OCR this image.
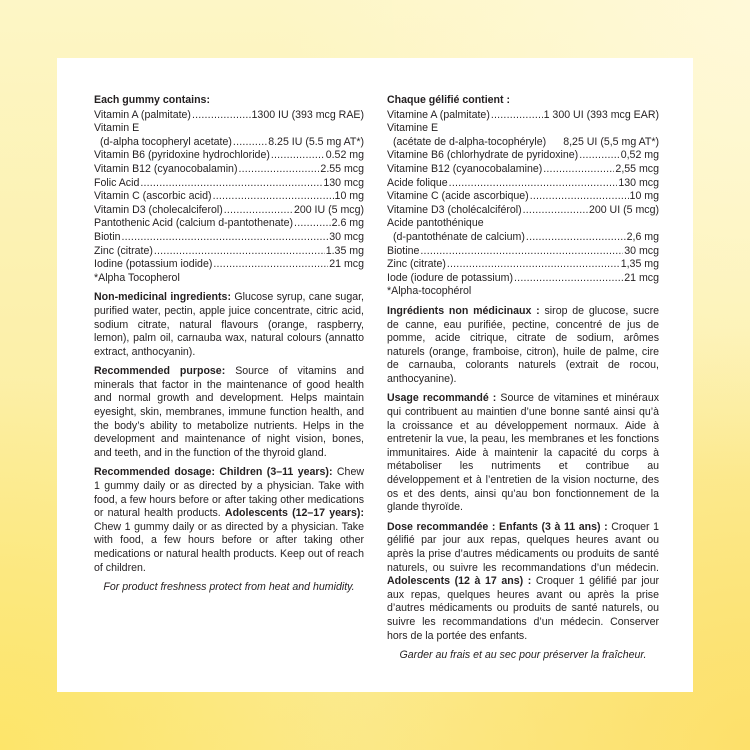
Each gummy contains:
Vitamin A (palmitate) .....	1300 IU (393 mcg RAE)
Vitamin E
(d-alpha tocopheryl acetate) .....	8.25 IU (5.5 mg AT*)
Vitamin B6 (pyridoxine hydrochloride) .....	0.52 mg
Vitamin B12 (cyanocobalamin) .....	2.55 mcg
Folic Acid .....	130 mcg
Vitamin C (ascorbic acid) .....	10 mg
Vitamin D3 (cholecalciferol) .....	200 IU (5 mcg)
Pantothenic Acid (calcium d-pantothenate) .....	2.6 mg
Biotin .....	30 mcg
Zinc (citrate) .....	1.35 mg
Iodine (potassium iodide) .....	21 mcg
*Alpha Tocopherol
Non-medicinal ingredients: Glucose syrup, cane sugar, purified water, pectin, apple juice concentrate, citric acid, sodium citrate, natural flavours (orange, raspberry, lemon), palm oil, carnauba wax, natural colours (annatto extract, anthocyanin).
Recommended purpose: Source of vitamins and minerals that factor in the maintenance of good health and normal growth and development. Helps maintain eyesight, skin, membranes, immune function health, and the body’s ability to metabolize nutrients. Helps in the development and maintenance of night vision, bones, and teeth, and in the function of the thyroid gland.
Recommended dosage: Children (3–11 years): Chew 1 gummy daily or as directed by a physician. Take with food, a few hours before or after taking other medications or natural health products. Adolescents (12–17 years): Chew 1 gummy daily or as directed by a physician. Take with food, a few hours before or after taking other medications or natural health products. Keep out of reach of children.
For product freshness protect from heat and humidity.
Chaque gélifié contient :
Vitamine A (palmitate) .....	1 300 UI (393 mcg EAR)
Vitamine E
(acétate de d-alpha-tocophéryle) 8,25 UI (5,5 mg AT*)
Vitamine B6 (chlorhydrate de pyridoxine) .....	0,52 mg
Vitamine B12 (cyanocobalamine) .....	2,55 mcg
Acide folique .....	130 mcg
Vitamine C (acide ascorbique) .....	10 mg
Vitamine D3 (cholécalciférol) .....	200 UI (5 mcg)
Acide pantothénique
(d-pantothénate de calcium) .....	2,6 mg
Biotine .....	30 mcg
Zinc (citrate) .....	1,35 mg
Iode (iodure de potassium) .....	21 mcg
*Alpha-tocophérol
Ingrédients non médicinaux : sirop de glucose, sucre de canne, eau purifiée, pectine, concentré de jus de pomme, acide citrique, citrate de sodium, arômes naturels (orange, framboise, citron), huile de palme, cire de carnauba, colorants naturels (extrait de rocou, anthocyanine).
Usage recommandé : Source de vitamines et minéraux qui contribuent au maintien d’une bonne santé ainsi qu’à la croissance et au développement normaux. Aide à entretenir la vue, la peau, les membranes et les fonctions immunitaires. Aide à maintenir la capacité du corps à métaboliser les nutriments et contribue au développement et à l’entretien de la vision nocturne, des os et des dents, ainsi qu’au bon fonctionnement de la glande thyroïde.
Dose recommandée : Enfants (3 à 11 ans) : Croquer 1 gélifié par jour aux repas, quelques heures avant ou après la prise d’autres médicaments ou produits de santé naturels, ou suivre les recommandations d’un médecin. Adolescents (12 à 17 ans) : Croquer 1 gélifié par jour aux repas, quelques heures avant ou après la prise d’autres médicaments ou produits de santé naturels, ou suivre les recommandations d’un médecin. Conserver hors de la portée des enfants.
Garder au frais et au sec pour préserver la fraîcheur.
